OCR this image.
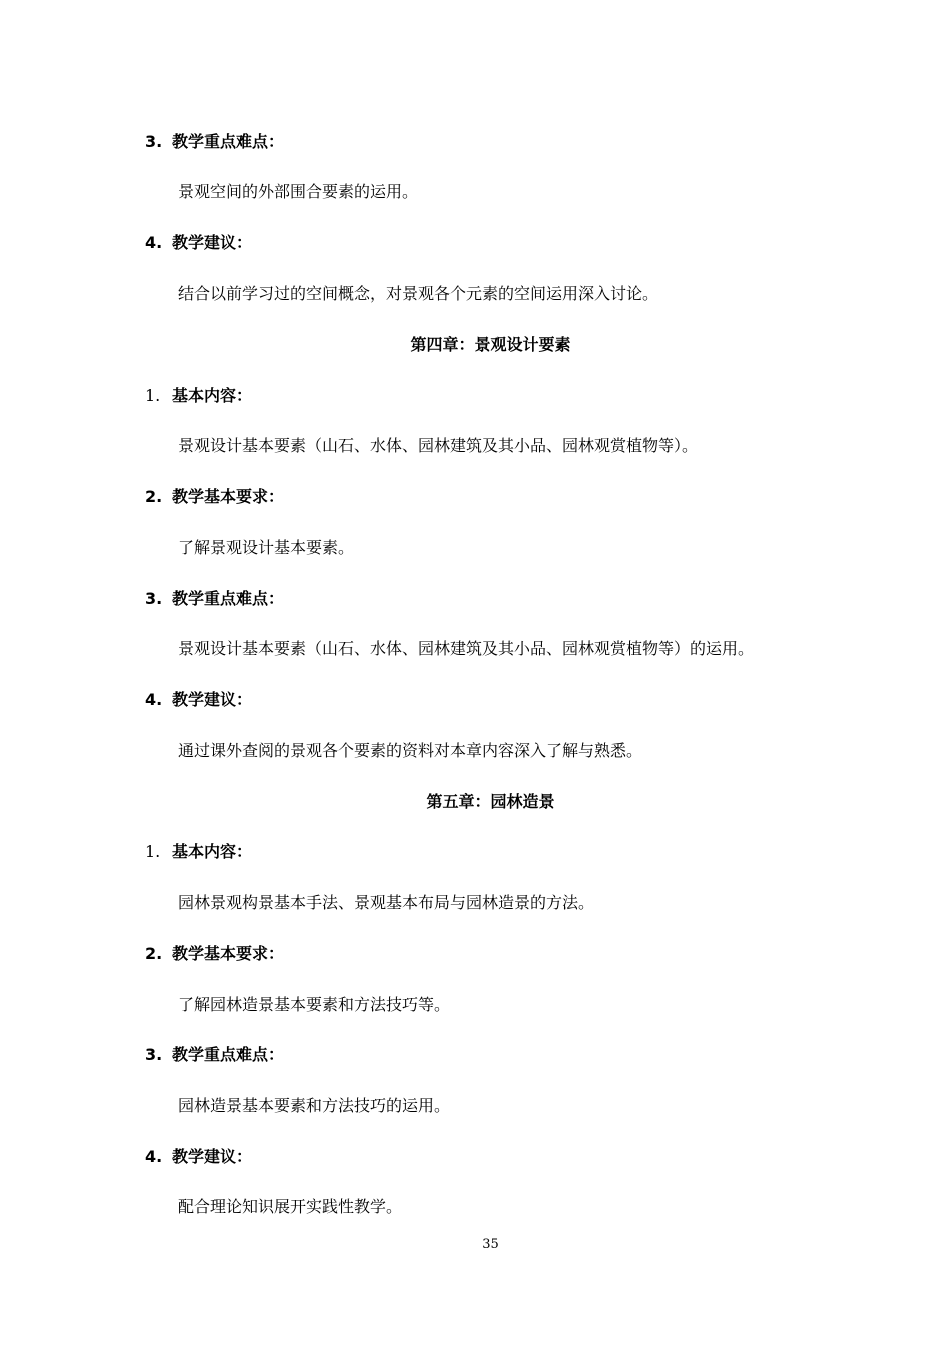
3. 教学重点难点：
景观空间的外部围合要素的运用。
4. 教学建议：
结合以前学习过的空间概念，对景观各个元素的空间运用深入讨论。
第四章：景观设计要素
1. 基本内容：
景观设计基本要素（山石、水体、园林建筑及其小品、园林观赏植物等）。
2. 教学基本要求：
了解景观设计基本要素。
3. 教学重点难点：
景观设计基本要素（山石、水体、园林建筑及其小品、园林观赏植物等）的运用。
4. 教学建议：
通过课外查阅的景观各个要素的资料对本章内容深入了解与熟悉。
第五章：园林造景
1. 基本内容：
园林景观构景基本手法、景观基本布局与园林造景的方法。
2. 教学基本要求：
了解园林造景基本要素和方法技巧等。
3. 教学重点难点：
园林造景基本要素和方法技巧的运用。
4. 教学建议：
配合理论知识展开实践性教学。
35
